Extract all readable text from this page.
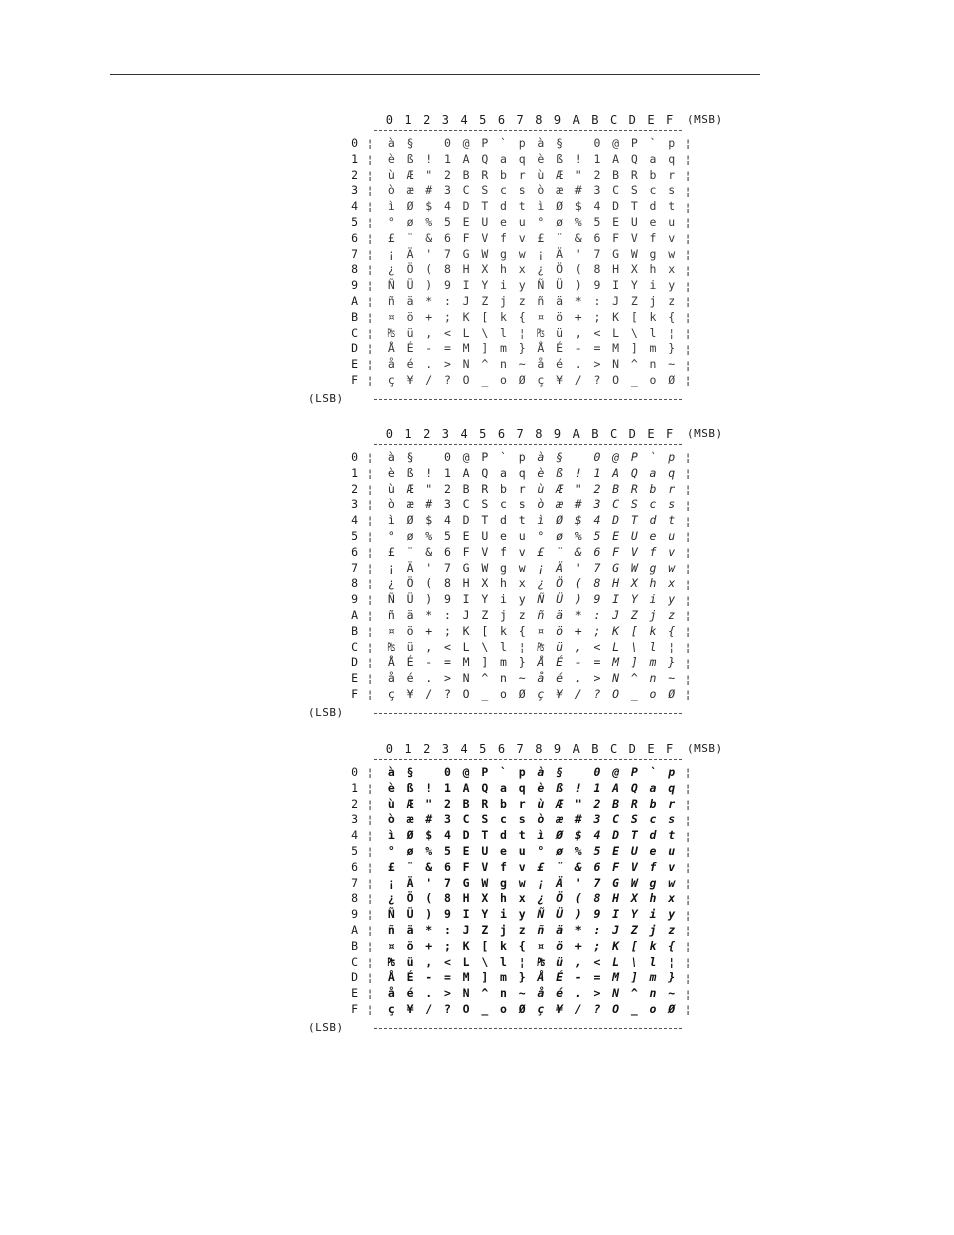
0 1 2 3 4 5 6 7 8 9 A B C D E F	(MSB)
0 ¦	à	§	0	@	P	`	p	à	§	0	@	P	`	p ¦
1 ¦	è	ß	!	1	A	Q	a	q	è	ß	!	1	A	Q	a	q ¦
2 ¦	ù	Æ	"	2	B	R	b	r	ù	Æ	"	2	B	R	b	r ¦
3 ¦	ò	æ	#	3	C	S	c	s	ò	æ	#	3	C	S	c	s ¦
4 ¦	ì	Ø	$	4	D	T	d	t	ì	Ø	$	4	D	T	d	t ¦
5 ¦	°	ø	%	5	E	U	e	u	°	ø	%	5	E	U	e	u ¦
6 ¦	£	¨	&	6	F	V	f	v	£	¨	&	6	F	V	f	v ¦
7 ¦	¡	Ä	'	7	G	W	g	w	¡	Ä	'	7	G	W	g	w ¦
8 ¦	¿	Ö	(	8	H	X	h	x	¿	Ö	(	8	H	X	h	x ¦
9 ¦	Ñ	Ü	)	9	I	Y	i	y	Ñ	Ü	)	9	I	Y	i	y ¦
A ¦	ñ	ä	*	:	J	Z	j	z	ñ	ä	*	:	J	Z	j	z ¦
B ¦	¤	ö	+	;	K	[	k	{	¤	ö	+	;	K	[	k	{ ¦
C ¦	₧	ü	,	<	L	\	l	¦	₧	ü	,	<	L	\	l	¦ ¦
D ¦	Å	É	-	=	M	]	m	}	Å	É	-	=	M	]	m	} ¦
E ¦	å	é	.	>	N	^	n	~	å	é	.	>	N	^	n	~ ¦
F ¦	ç	¥	/	?	O	_	o	Ø	ç	¥	/	?	O	_	o	Ø ¦
(LSB)
0 1 2 3 4 5 6 7 8 9 A B C D E F	(MSB)
0 ¦	à	§	0	@	P	`	p	à	§	0	@	P	`	p ¦
1 ¦	è	ß	!	1	A	Q	a	q	è	ß	!	1	A	Q	a	q ¦
2 ¦	ù	Æ	"	2	B	R	b	r	ù	Æ	"	2	B	R	b	r ¦
3 ¦	ò	æ	#	3	C	S	c	s	ò	æ	#	3	C	S	c	s ¦
4 ¦	ì	Ø	$	4	D	T	d	t	ì	Ø	$	4	D	T	d	t ¦
5 ¦	°	ø	%	5	E	U	e	u	°	ø	%	5	E	U	e	u ¦
6 ¦	£	¨	&	6	F	V	f	v	£	¨	&	6	F	V	f	v ¦
7 ¦	¡	Ä	'	7	G	W	g	w	¡	Ä	'	7	G	W	g	w ¦
8 ¦	¿	Ö	(	8	H	X	h	x	¿	Ö	(	8	H	X	h	x ¦
9 ¦	Ñ	Ü	)	9	I	Y	i	y	Ñ	Ü	)	9	I	Y	i	y ¦
A ¦	ñ	ä	*	:	J	Z	j	z	ñ	ä	*	:	J	Z	j	z ¦
B ¦	¤	ö	+	;	K	[	k	{	¤	ö	+	;	K	[	k	{ ¦
C ¦	₧	ü	,	<	L	\	l	¦	₧	ü	,	<	L	\	l	¦ ¦
D ¦	Å	É	-	=	M	]	m	}	Å	É	-	=	M	]	m	} ¦
E ¦	å	é	.	>	N	^	n	~	å	é	.	>	N	^	n	~ ¦
F ¦	ç	¥	/	?	O	_	o	Ø	ç	¥	/	?	O	_	o	Ø ¦
(LSB)
0 1 2 3 4 5 6 7 8 9 A B C D E F	(MSB)
0 ¦	à	§	0	@	P	`	p	à	§	0	@	P	`	p ¦
1 ¦	è	ß	!	1	A	Q	a	q	è	ß	!	1	A	Q	a	q ¦
2 ¦	ù	Æ	"	2	B	R	b	r	ù	Æ	"	2	B	R	b	r ¦
3 ¦	ò	æ	#	3	C	S	c	s	ò	æ	#	3	C	S	c	s ¦
4 ¦	ì	Ø	$	4	D	T	d	t	ì	Ø	$	4	D	T	d	t ¦
5 ¦	°	ø	%	5	E	U	e	u	°	ø	%	5	E	U	e	u ¦
6 ¦	£	¨	&	6	F	V	f	v	£	¨	&	6	F	V	f	v ¦
7 ¦	¡	Ä	'	7	G	W	g	w	¡	Ä	'	7	G	W	g	w ¦
8 ¦	¿	Ö	(	8	H	X	h	x	¿	Ö	(	8	H	X	h	x ¦
9 ¦	Ñ	Ü	)	9	I	Y	i	y	Ñ	Ü	)	9	I	Y	i	y ¦
A ¦	ñ	ä	*	:	J	Z	j	z	ñ	ä	*	:	J	Z	j	z ¦
B ¦	¤	ö	+	;	K	[	k	{	¤	ö	+	;	K	[	k	{ ¦
C ¦	₧	ü	,	<	L	\	l	¦	₧	ü	,	<	L	\	l	¦ ¦
D ¦	Å	É	-	=	M	]	m	}	Å	É	-	=	M	]	m	} ¦
E ¦	å	é	.	>	N	^	n	~	å	é	.	>	N	^	n	~ ¦
F ¦	ç	¥	/	?	O	_	o	Ø	ç	¥	/	?	O	_	o	Ø ¦
(LSB)
